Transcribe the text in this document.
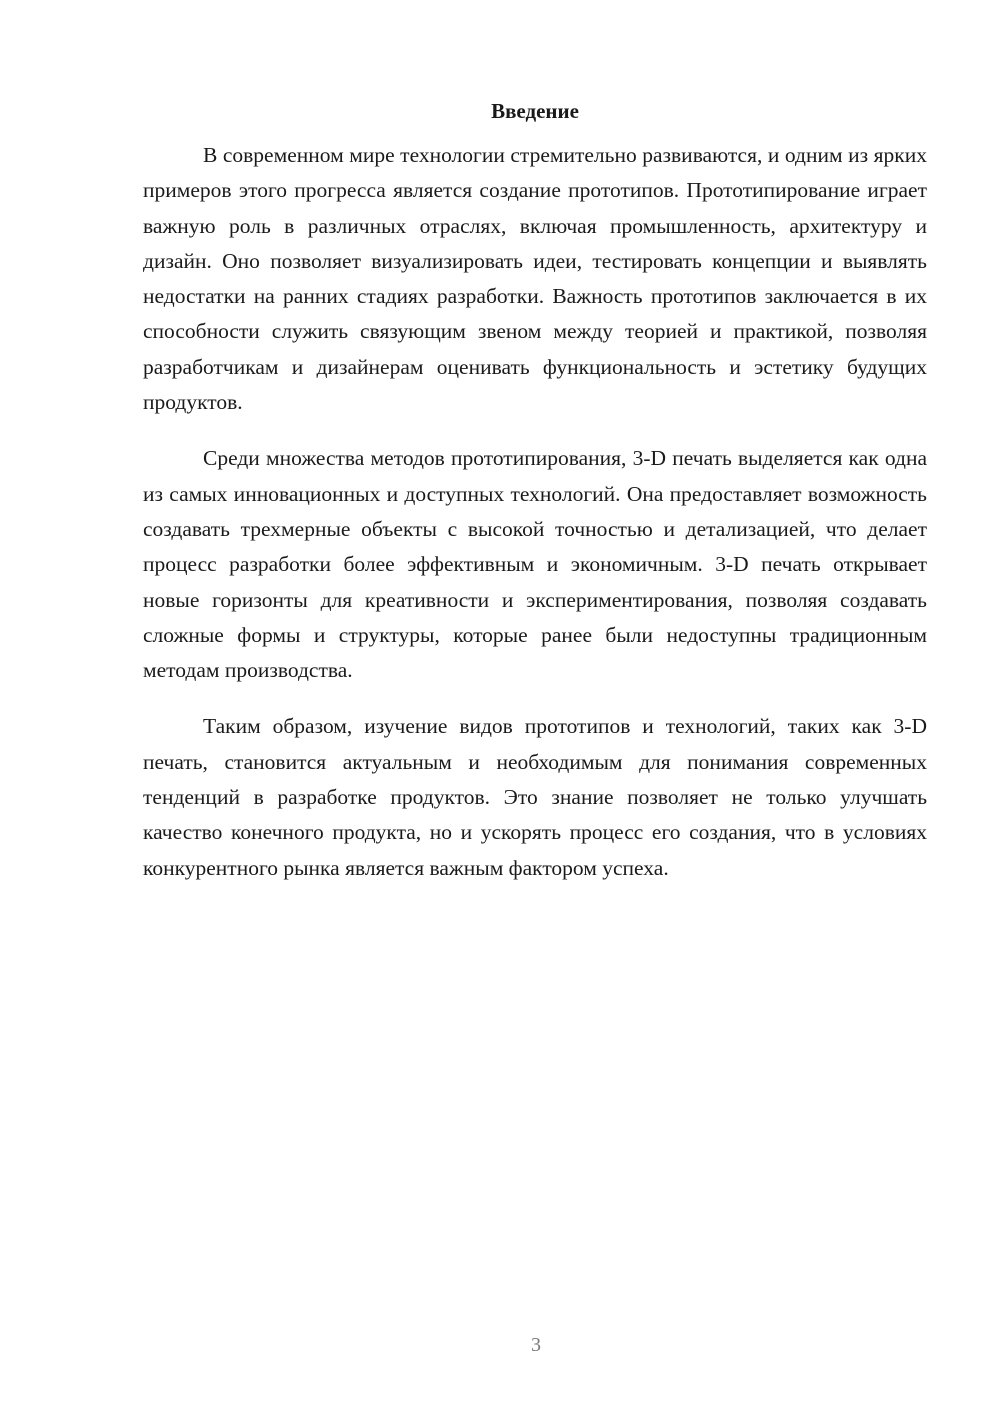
Введение

В современном мире технологии стремительно развиваются, и одним из ярких примеров этого прогресса является создание прототипов. Прототипирование играет важную роль в различных отраслях, включая промышленность, архитектуру и дизайн. Оно позволяет визуализировать идеи, тестировать концепции и выявлять недостатки на ранних стадиях разработки. Важность прототипов заключается в их способности служить связующим звеном между теорией и практикой, позволяя разработчикам и дизайнерам оценивать функциональность и эстетику будущих продуктов.

Среди множества методов прототипирования, 3-D печать выделяется как одна из самых инновационных и доступных технологий. Она предоставляет возможность создавать трехмерные объекты с высокой точностью и детализацией, что делает процесс разработки более эффективным и экономичным. 3-D печать открывает новые горизонты для креативности и экспериментирования, позволяя создавать сложные формы и структуры, которые ранее были недоступны традиционным методам производства.

Таким образом, изучение видов прототипов и технологий, таких как 3-D печать, становится актуальным и необходимым для понимания современных тенденций в разработке продуктов. Это знание позволяет не только улучшать качество конечного продукта, но и ускорять процесс его создания, что в условиях конкурентного рынка является важным фактором успеха.

3
